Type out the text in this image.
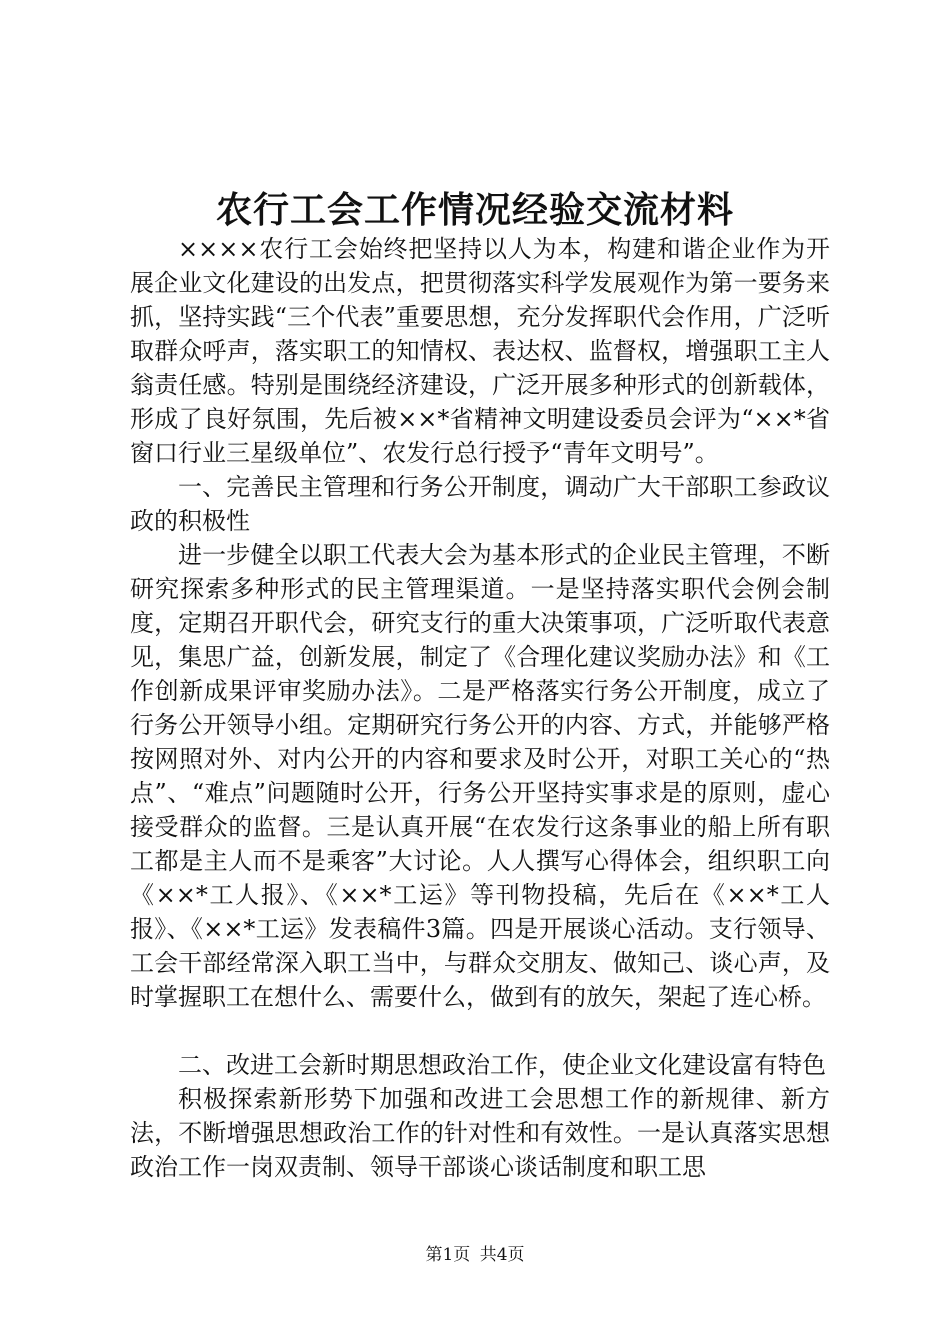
农行工会工作情况经验交流材料

××××农行工会始终把坚持以人为本，构建和谐企业作为开展企业文化建设的出发点，把贯彻落实科学发展观作为第一要务来抓，坚持实践“三个代表”重要思想，充分发挥职代会作用，广泛听取群众呼声，落实职工的知情权、表达权、监督权，增强职工主人翁责任感。特别是围绕经济建设，广泛开展多种形式的创新载体，形成了良好氛围，先后被××*省精神文明建设委员会评为“××*省窗口行业三星级单位”、农发行总行授予“青年文明号”。

一、完善民主管理和行务公开制度，调动广大干部职工参政议政的积极性

进一步健全以职工代表大会为基本形式的企业民主管理，不断研究探索多种形式的民主管理渠道。一是坚持落实职代会例会制度，定期召开职代会，研究支行的重大决策事项，广泛听取代表意见，集思广益，创新发展，制定了《合理化建议奖励办法》和《工作创新成果评审奖励办法》。二是严格落实行务公开制度，成立了行务公开领导小组。定期研究行务公开的内容、方式，并能够严格按网照对外、对内公开的内容和要求及时公开，对职工关心的“热点”、“难点”问题随时公开，行务公开坚持实事求是的原则，虚心接受群众的监督。三是认真开展“在农发行这条事业的船上所有职工都是主人而不是乘客”大讨论。人人撰写心得体会，组织职工向《××*工人报》、《××*工运》等刊物投稿，先后在《××*工人报》、《××*工运》发表稿件3篇。四是开展谈心活动。支行领导、工会干部经常深入职工当中，与群众交朋友、做知己、谈心声，及时掌握职工在想什么、需要什么，做到有的放矢，架起了连心桥。

二、改进工会新时期思想政治工作，使企业文化建设富有特色

积极探索新形势下加强和改进工会思想工作的新规律、新方法，不断增强思想政治工作的针对性和有效性。一是认真落实思想政治工作一岗双责制、领导干部谈心谈话制度和职工思

第1页 共4页
